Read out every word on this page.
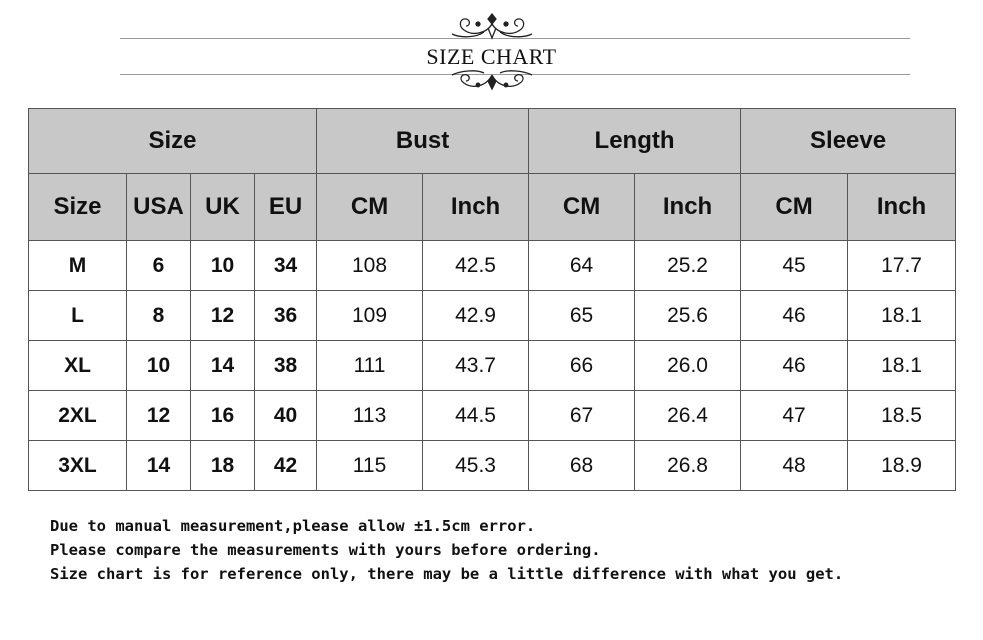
SIZE CHART
Size				Bust		Length		Sleeve	
Size	USA	UK	EU	CM	Inch	CM	Inch	CM	Inch
M	6	10	34	108	42.5	64	25.2	45	17.7
L	8	12	36	109	42.9	65	25.6	46	18.1
XL	10	14	38	111	43.7	66	26.0	46	18.1
2XL	12	16	40	113	44.5	67	26.4	47	18.5
3XL	14	18	42	115	45.3	68	26.8	48	18.9
Due to manual measurement,please allow ±1.5cm error.
Please compare the measurements with yours before ordering.
Size chart is for reference only, there may be a little difference with what you get.
